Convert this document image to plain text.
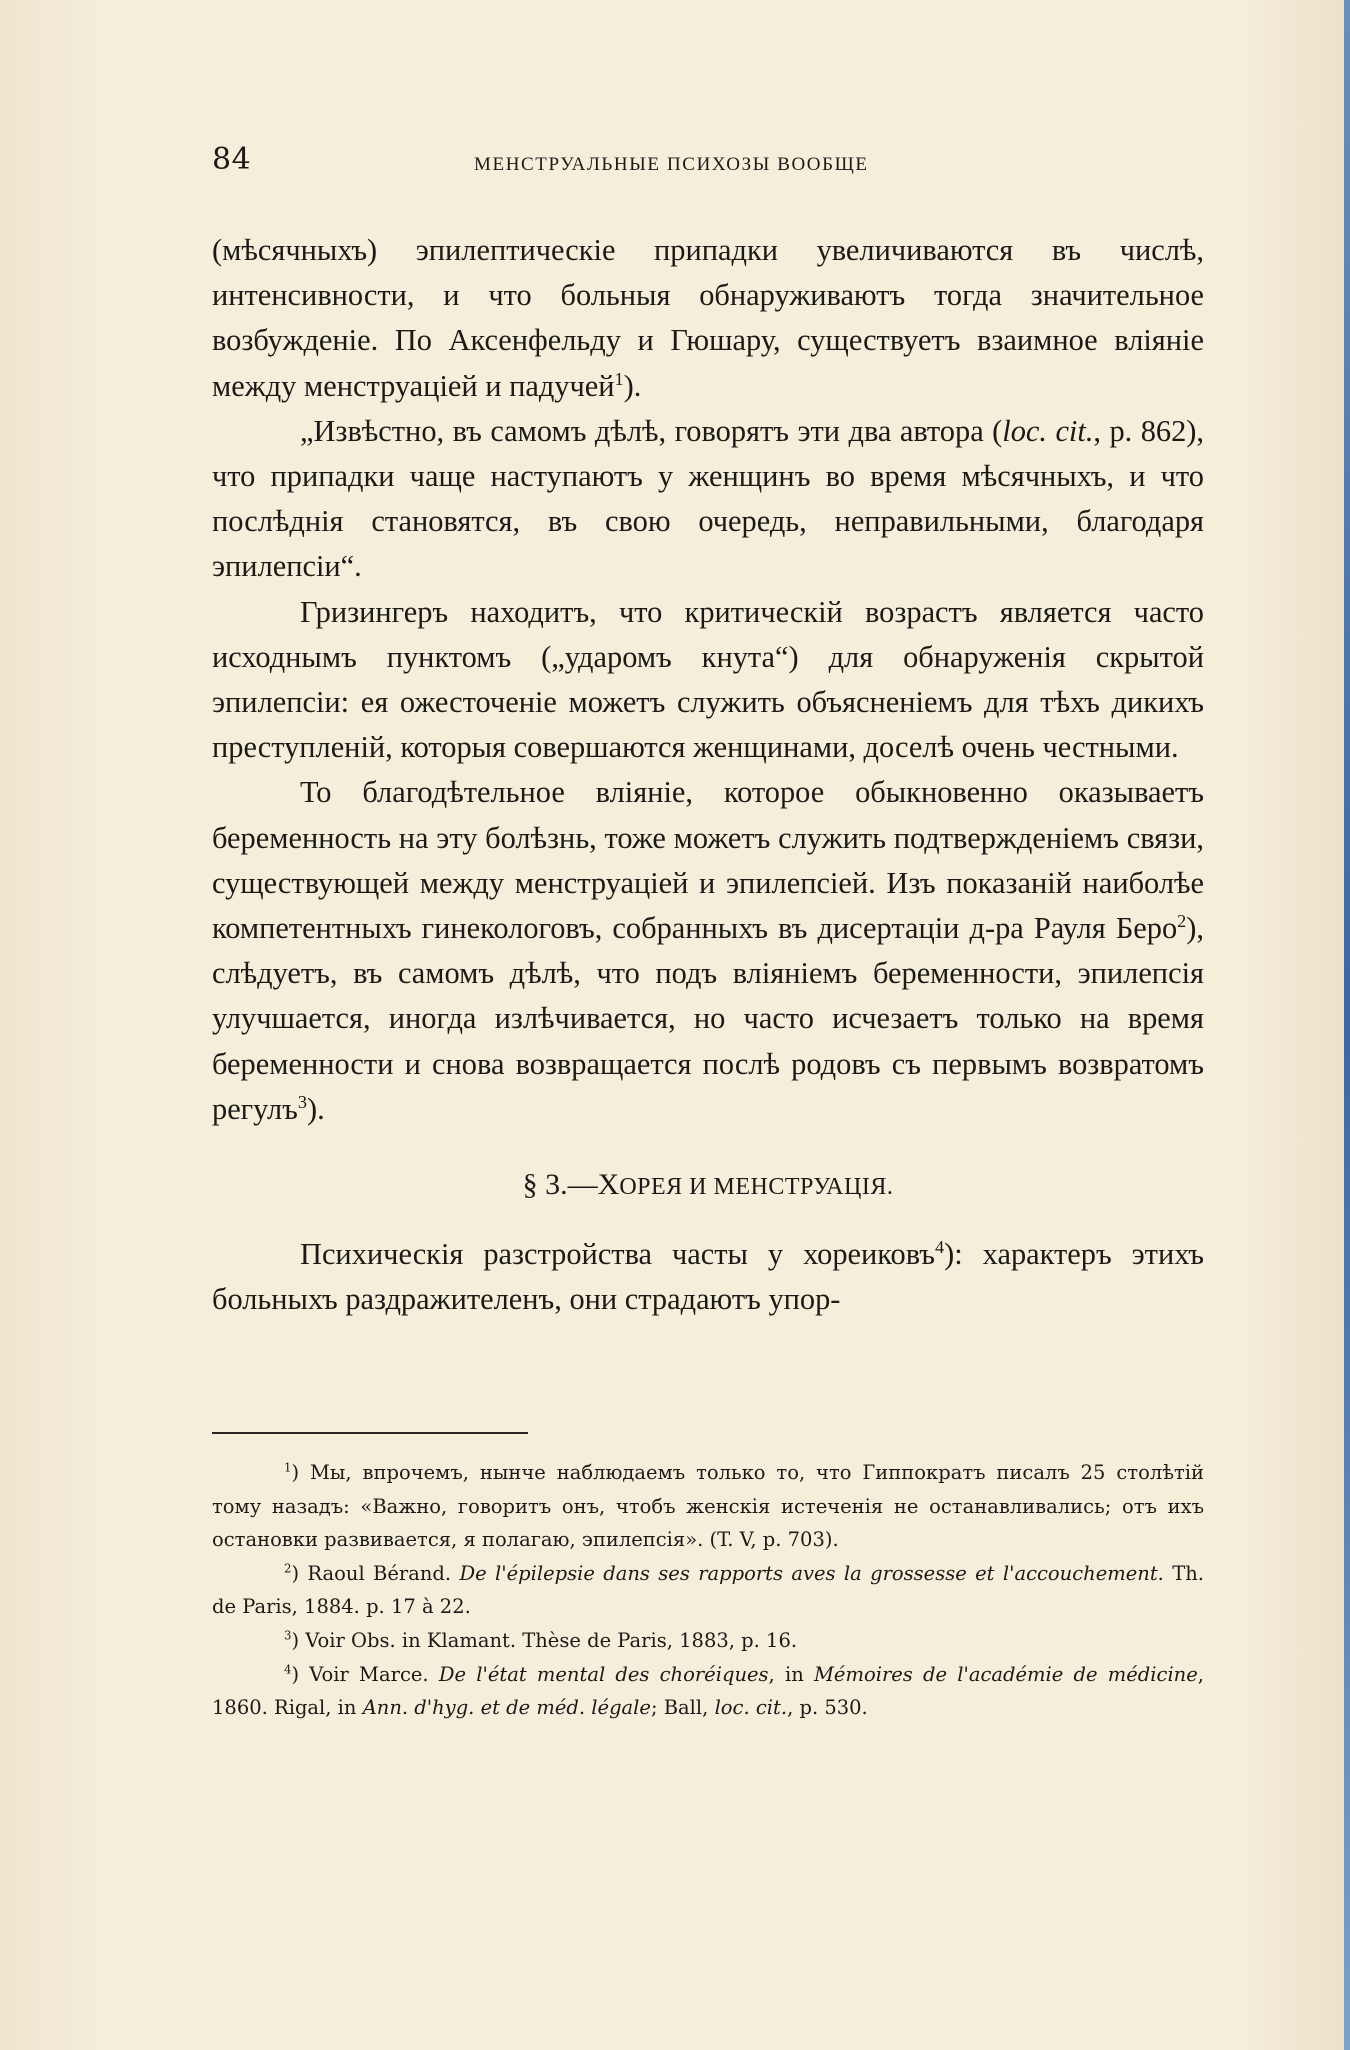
84	МЕНСТРУАЛЬНЫЕ ПСИХОЗЫ ВООБЩЕ

(мѣсячныхъ) эпилептическіе припадки увеличиваются въ числѣ, интенсивности, и что больныя обнаруживаютъ тогда значительное возбужденіе. По Аксенфельду и Гюшару, существуетъ взаимное вліяніе между менструаціей и падучей$^1$).

„Извѣстно, въ самомъ дѣлѣ, говорятъ эти два автора (loc. cit., p. 862), что припадки чаще наступаютъ у женщинъ во время мѣсячныхъ, и что послѣднія становятся, въ свою очередь, неправильными, благодаря эпилепсіи“.

Гризингеръ находитъ, что критическій возрастъ является часто исходнымъ пунктомъ („ударомъ кнута“) для обнаруженія скрытой эпилепсіи: ея ожесточеніе можетъ служить объясненіемъ для тѣхъ дикихъ преступленій, которыя совершаются женщинами, доселѣ очень честными.

То благодѣтельное вліяніе, которое обыкновенно оказываетъ беременность на эту болѣзнь, тоже можетъ служить подтвержденіемъ связи, существующей между менструаціей и эпилепсіей. Изъ показаній наиболѣе компетентныхъ гинекологовъ, собранныхъ въ дисертаціи д-ра Рауля Беро$^2$), слѣдуетъ, въ самомъ дѣлѣ, что подъ вліяніемъ беременности, эпилепсія улучшается, иногда излѣчивается, но часто исчезаетъ только на время беременности и снова возвращается послѣ родовъ съ первымъ возвратомъ регулъ$^3$).

§ 3.—ХОРЕЯ И МЕНСТРУАЦІЯ.

Психическія разстройства часты у хореиковъ$^4$): характеръ этихъ больныхъ раздражителенъ, они страдаютъ упор-

$^1$) Мы, впрочемъ, нынче наблюдаемъ только то, что Гиппократъ писалъ 25 столѣтій тому назадъ: «Важно, говоритъ онъ, чтобъ женскія истеченія не останавливались; отъ ихъ остановки развивается, я полагаю, эпилепсія». (T. V, p. 703).

$^2$) Raoul Bérand. De l'épilepsie dans ses rapports aves la grossesse et l'accouchement. Th. de Paris, 1884. p. 17 à 22.

$^3$) Voir Obs. in Klamant. Thèse de Paris, 1883, p. 16.

$^4$) Voir Marce. De l'état mental des choréiques, in Mémoires de l'académie de médicine, 1860. Rigal, in Ann. d'hyg. et de méd. légale; Ball, loc. cit., p. 530.
